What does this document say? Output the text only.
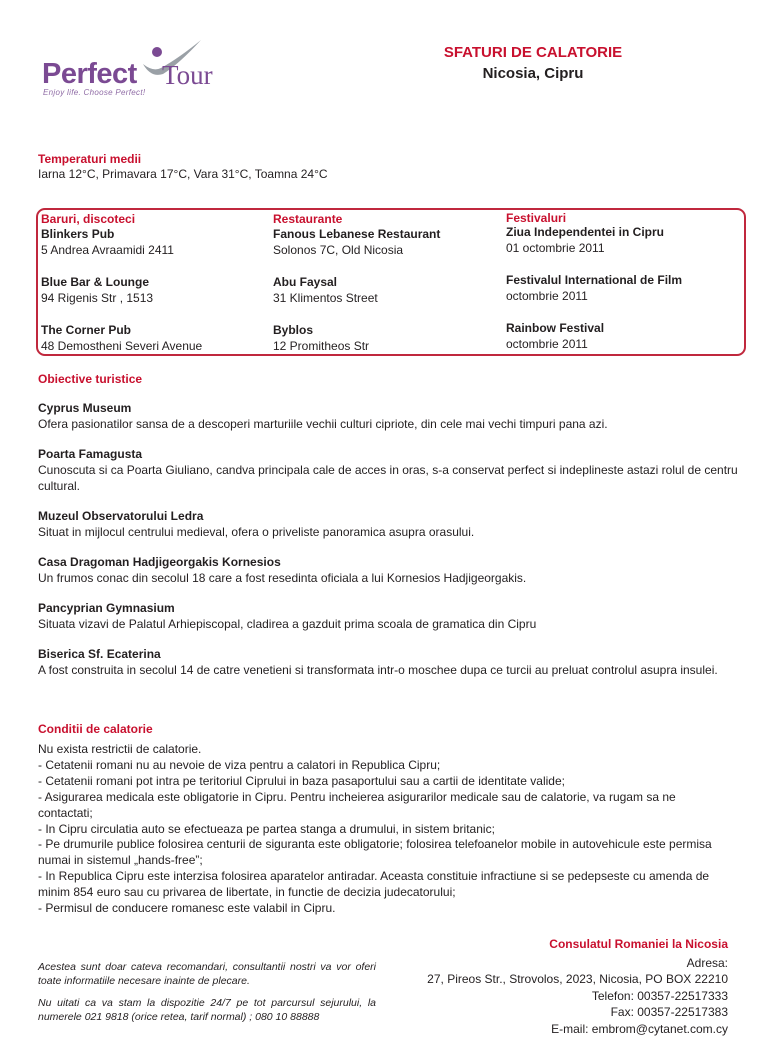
Perfect Tour
Enjoy life. Choose Perfect!
SFATURI DE CALATORIE
Nicosia, Cipru
Temperaturi medii
Iarna 12°C, Primavara 17°C, Vara 31°C, Toamna 24°C
Baruri, discoteci
Blinkers Pub
5 Andrea Avraamidi 2411
Blue Bar & Lounge
94 Rigenis Str , 1513
The Corner Pub
48 Demostheni Severi Avenue
Restaurante
Fanous Lebanese Restaurant
Solonos 7C, Old Nicosia
Abu Faysal
31 Klimentos Street
Byblos
12 Promitheos Str
Festivaluri
Ziua Independentei in Cipru
01 octombrie 2011
Festivalul International de Film
octombrie 2011
Rainbow Festival
octombrie 2011
Obiective turistice
Cyprus Museum
Ofera pasionatilor sansa de a descoperi marturiile vechii culturi cipriote, din cele mai vechi timpuri pana azi.
Poarta Famagusta
Cunoscuta si ca Poarta Giuliano, candva principala cale de acces in oras, s-a conservat perfect si indeplineste astazi rolul de centru cultural.
Muzeul Observatorului Ledra
Situat in mijlocul centrului medieval, ofera o priveliste panoramica asupra orasului.
Casa Dragoman Hadjigeorgakis Kornesios
Un frumos conac din secolul 18 care a fost resedinta oficiala a lui Kornesios Hadjigeorgakis.
Pancyprian Gymnasium
Situata vizavi de Palatul Arhiepiscopal, cladirea a gazduit prima scoala de gramatica din Cipru
Biserica Sf. Ecaterina
A fost construita in secolul 14 de catre venetieni si transformata intr-o moschee dupa ce turcii au preluat controlul asupra insulei.
Conditii de calatorie
Nu exista restrictii de calatorie.
- Cetatenii romani nu au nevoie de viza pentru a calatori in Republica Cipru;
- Cetatenii romani pot intra pe teritoriul Ciprului in baza pasaportului sau a cartii de identitate valide;
- Asigurarea medicala este obligatorie in Cipru. Pentru incheierea asigurarilor medicale sau de calatorie, va rugam sa ne
contactati;
- In Cipru circulatia auto se efectueaza pe partea stanga a drumului, in sistem britanic;
- Pe drumurile publice folosirea centurii de siguranta este obligatorie; folosirea telefoanelor mobile in autovehicule este permisa
numai in sistemul „hands-free”;
- In Republica Cipru este interzisa folosirea aparatelor antiradar. Aceasta constituie infractiune si se pedepseste cu amenda de
minim 854 euro sau cu privarea de libertate, in functie de decizia judecatorului;
- Permisul de conducere romanesc este valabil in Cipru.
Consulatul Romaniei la Nicosia
Adresa:
27, Pireos Str., Strovolos, 2023, Nicosia, PO BOX 22210
Telefon: 00357-22517333
Fax: 00357-22517383
E-mail: embrom@cytanet.com.cy

Acestea sunt doar cateva recomandari, consultantii nostri va vor oferi toate informatiile necesare inainte de plecare.

Nu uitati ca va stam la dispozitie 24/7 pe tot parcursul sejurului, la numerele 021 9818 (orice retea, tarif normal) ; 080 10 88888
